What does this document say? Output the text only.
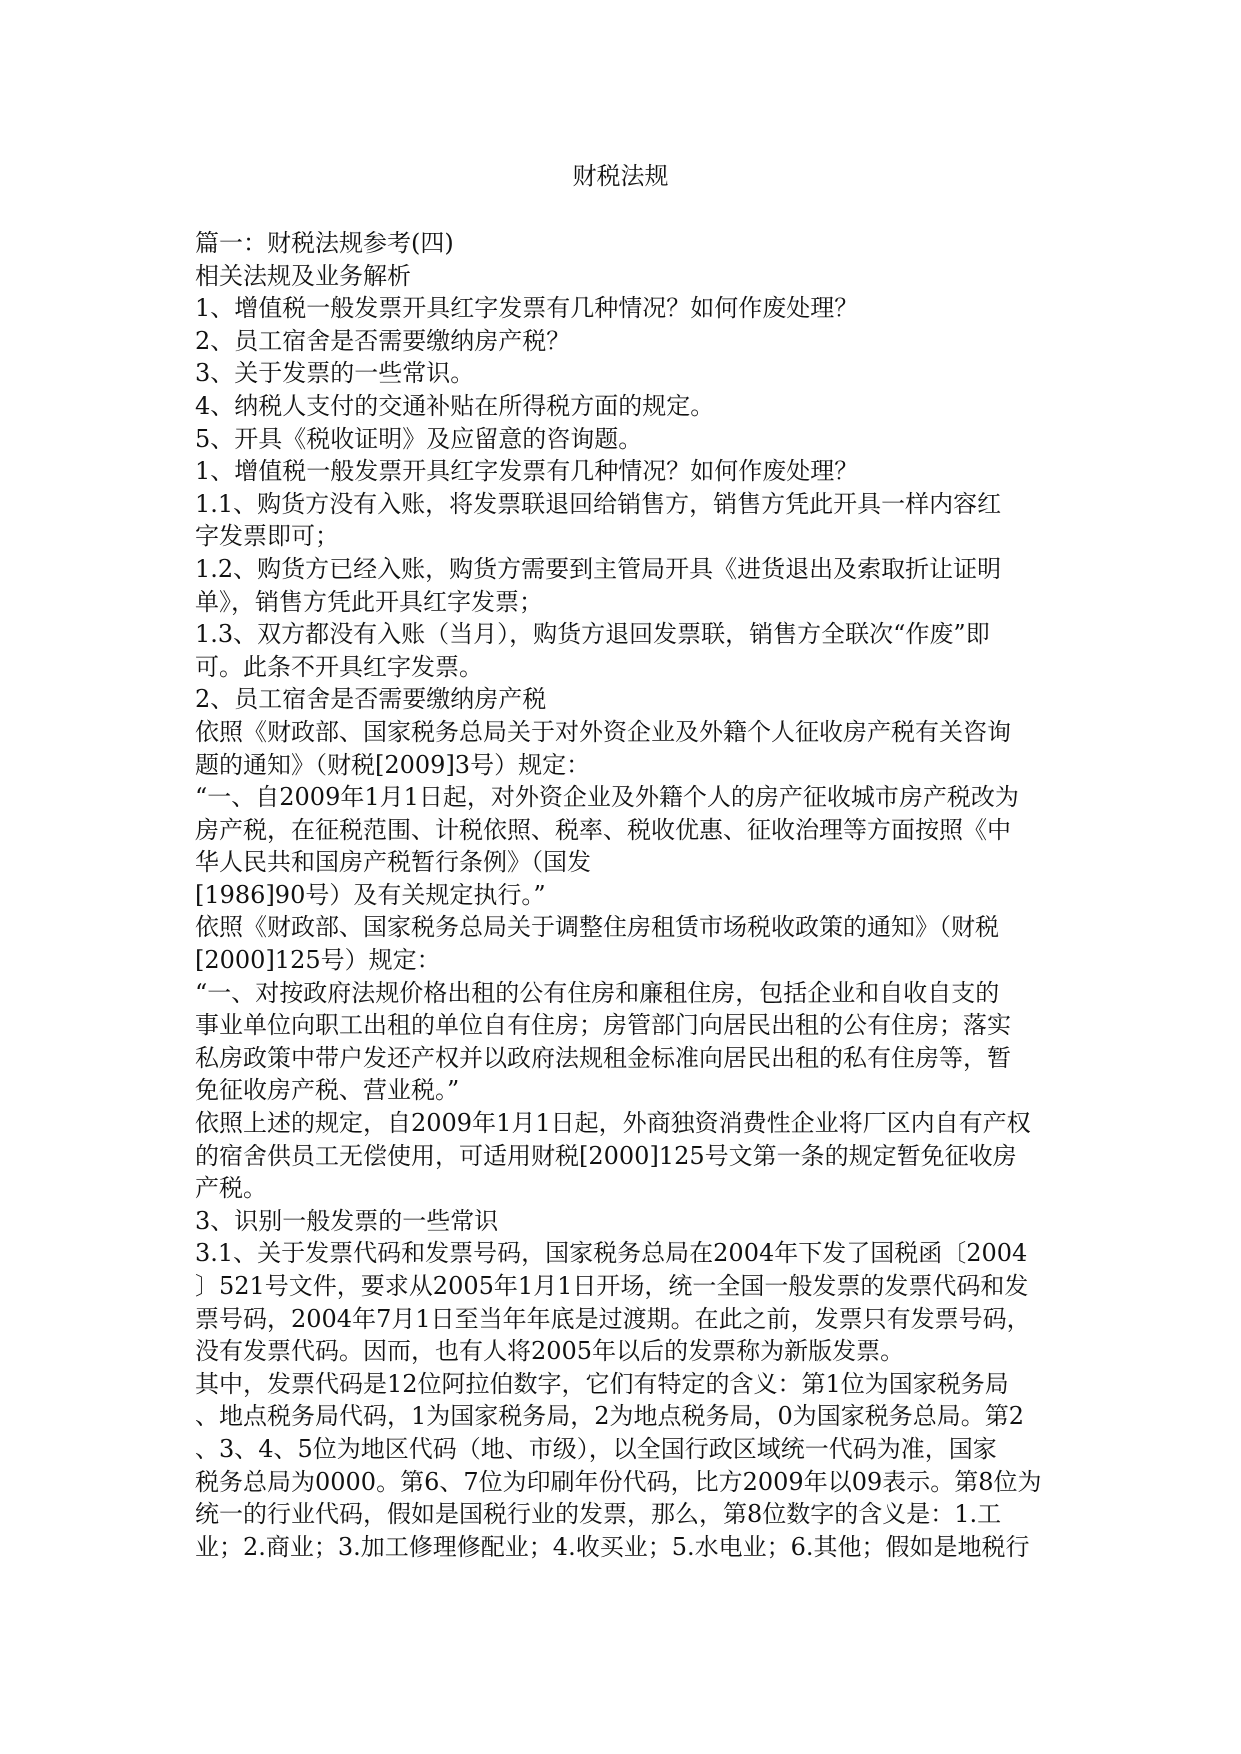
财税法规

篇一：财税法规参考(四)

相关法规及业务解析

1、增值税一般发票开具红字发票有几种情况？如何作废处理？

2、员工宿舍是否需要缴纳房产税？

3、关于发票的一些常识。

4、纳税人支付的交通补贴在所得税方面的规定。

5、开具《税收证明》及应留意的咨询题。

1、增值税一般发票开具红字发票有几种情况？如何作废处理？

1.1、购货方没有入账，将发票联退回给销售方，销售方凭此开具一样内容红
字发票即可；

1.2、购货方已经入账，购货方需要到主管局开具《进货退出及索取折让证明
单》，销售方凭此开具红字发票；

1.3、双方都没有入账（当月），购货方退回发票联，销售方全联次“作废”即
可。此条不开具红字发票。

2、员工宿舍是否需要缴纳房产税

依照《财政部、国家税务总局关于对外资企业及外籍个人征收房产税有关咨询
题的通知》（财税[2009]3号）规定：

“一、自2009年1月1日起，对外资企业及外籍个人的房产征收城市房产税改为
房产税，在征税范围、计税依照、税率、税收优惠、征收治理等方面按照《中
华人民共和国房产税暂行条例》（国发
[1986]90号）及有关规定执行。”

依照《财政部、国家税务总局关于调整住房租赁市场税收政策的通知》（财税
[2000]125号）规定：

“一、对按政府法规价格出租的公有住房和廉租住房，包括企业和自收自支的
事业单位向职工出租的单位自有住房；房管部门向居民出租的公有住房；落实
私房政策中带户发还产权并以政府法规租金标准向居民出租的私有住房等，暂
免征收房产税、营业税。”

依照上述的规定，自2009年1月1日起，外商独资消费性企业将厂区内自有产权
的宿舍供员工无偿使用，可适用财税[2000]125号文第一条的规定暂免征收房
产税。

3、识别一般发票的一些常识

3.1、关于发票代码和发票号码，国家税务总局在2004年下发了国税函〔2004
〕521号文件，要求从2005年1月1日开场，统一全国一般发票的发票代码和发
票号码，2004年7月1日至当年年底是过渡期。在此之前，发票只有发票号码，
没有发票代码。因而，也有人将2005年以后的发票称为新版发票。

其中，发票代码是12位阿拉伯数字，它们有特定的含义：第1位为国家税务局
、地点税务局代码，1为国家税务局，2为地点税务局，0为国家税务总局。第2
、3、4、5位为地区代码（地、市级），以全国行政区域统一代码为准，国家
税务总局为0000。第6、7位为印刷年份代码，比方2009年以09表示。第8位为
统一的行业代码，假如是国税行业的发票，那么，第8位数字的含义是：1.工
业；2.商业；3.加工修理修配业；4.收买业；5.水电业；6.其他；假如是地税行
